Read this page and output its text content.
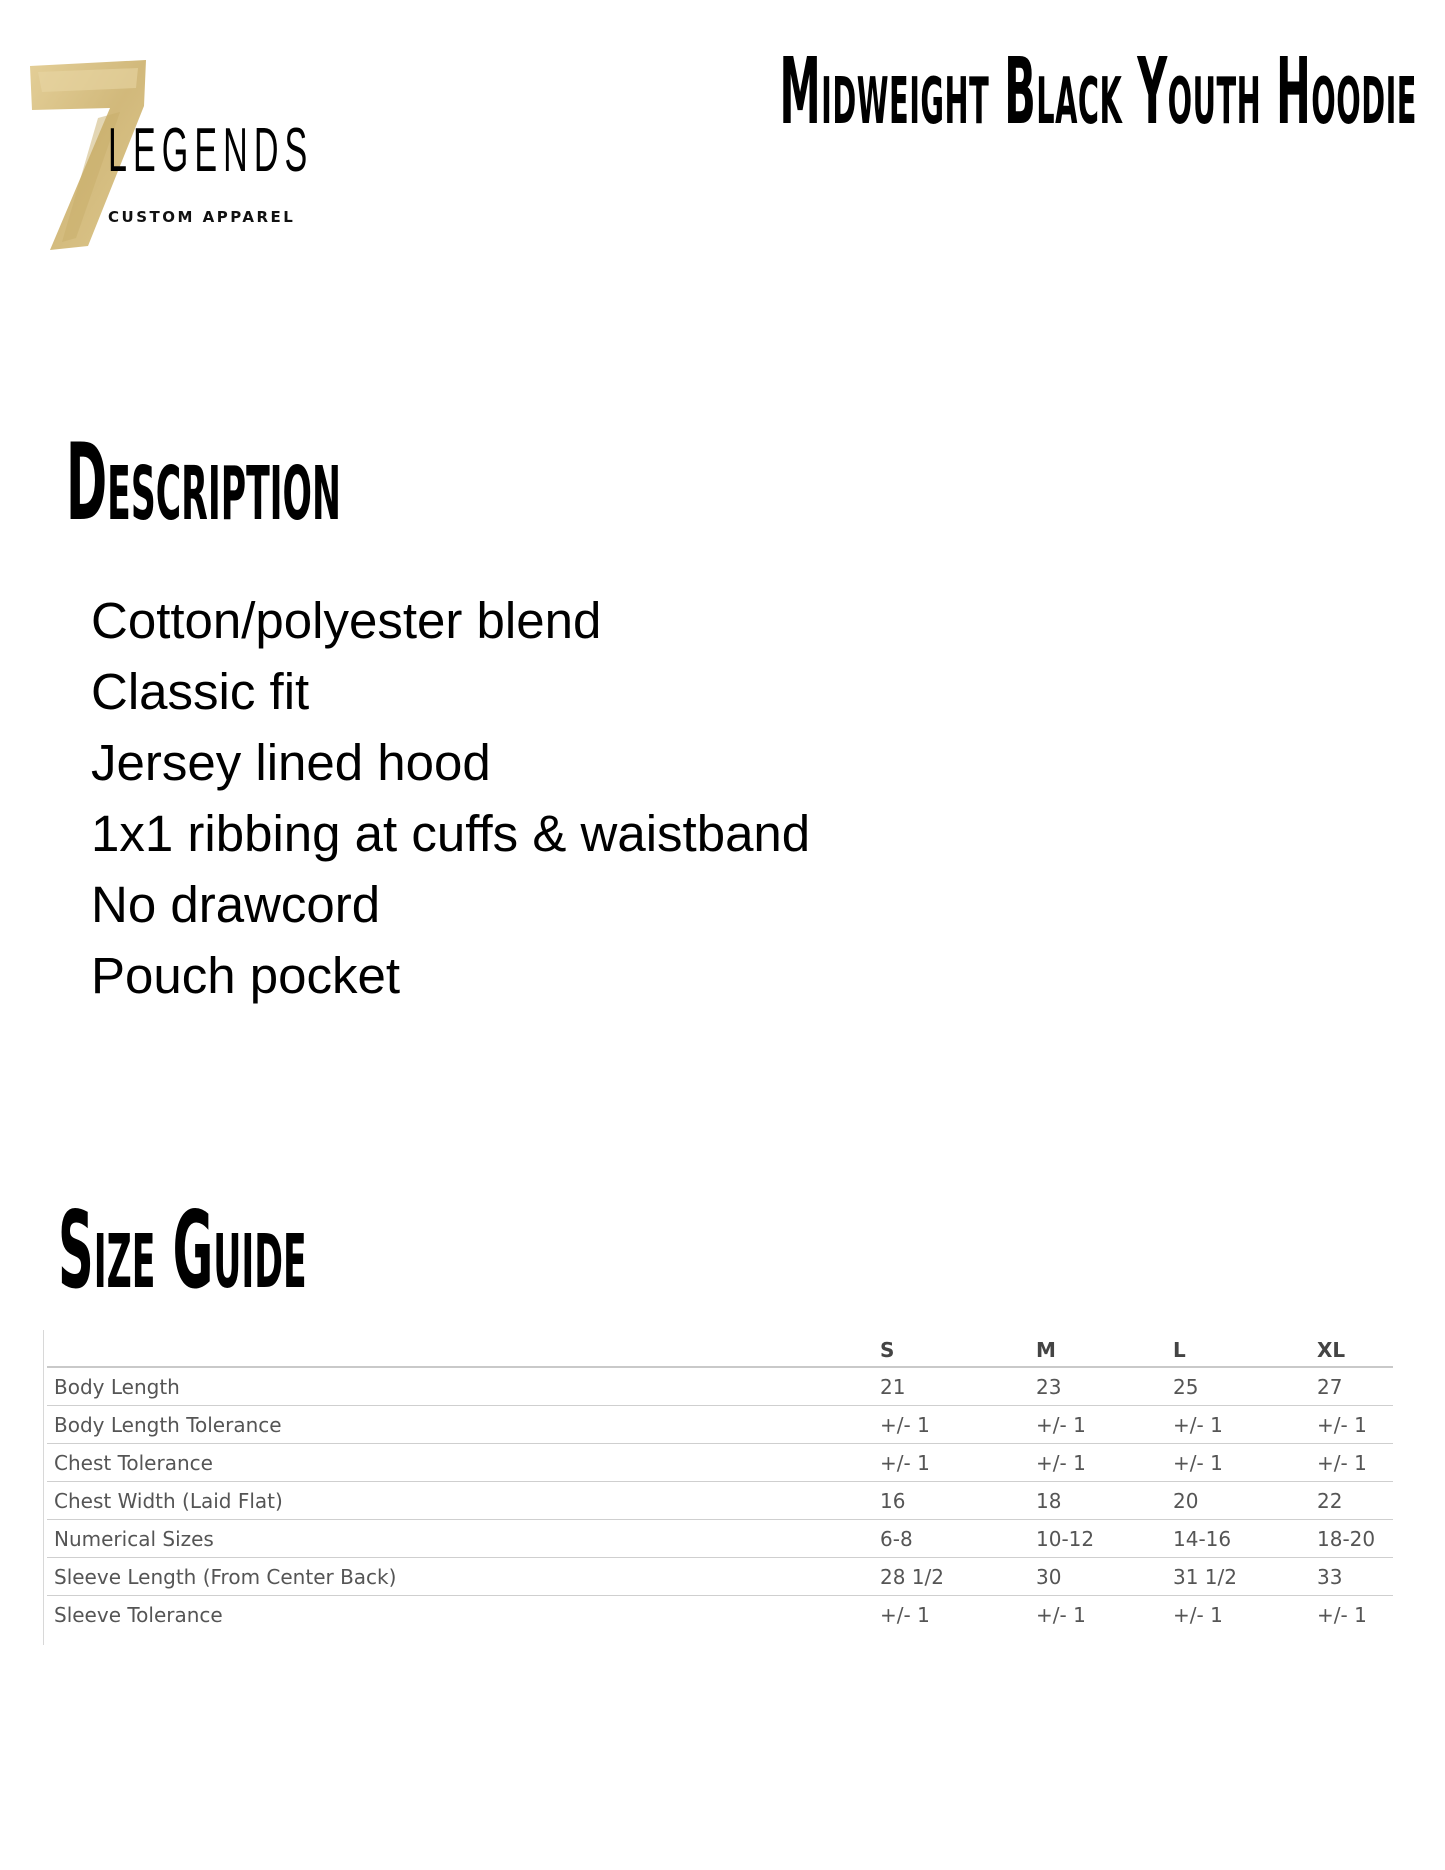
LEGENDS
CUSTOM APPAREL
Midweight Black Youth Hoodie
Description
Cotton/polyester blend
Classic fit
Jersey lined hood
1x1 ribbing at cuffs & waistband
No drawcord
Pouch pocket
Size Guide
	S	M	L	XL
Body Length	21	23	25	27
Body Length Tolerance	+/- 1	+/- 1	+/- 1	+/- 1
Chest Tolerance	+/- 1	+/- 1	+/- 1	+/- 1
Chest Width (Laid Flat)	16	18	20	22
Numerical Sizes	6-8	10-12	14-16	18-20
Sleeve Length (From Center Back)	28 1/2	30	31 1/2	33
Sleeve Tolerance	+/- 1	+/- 1	+/- 1	+/- 1
